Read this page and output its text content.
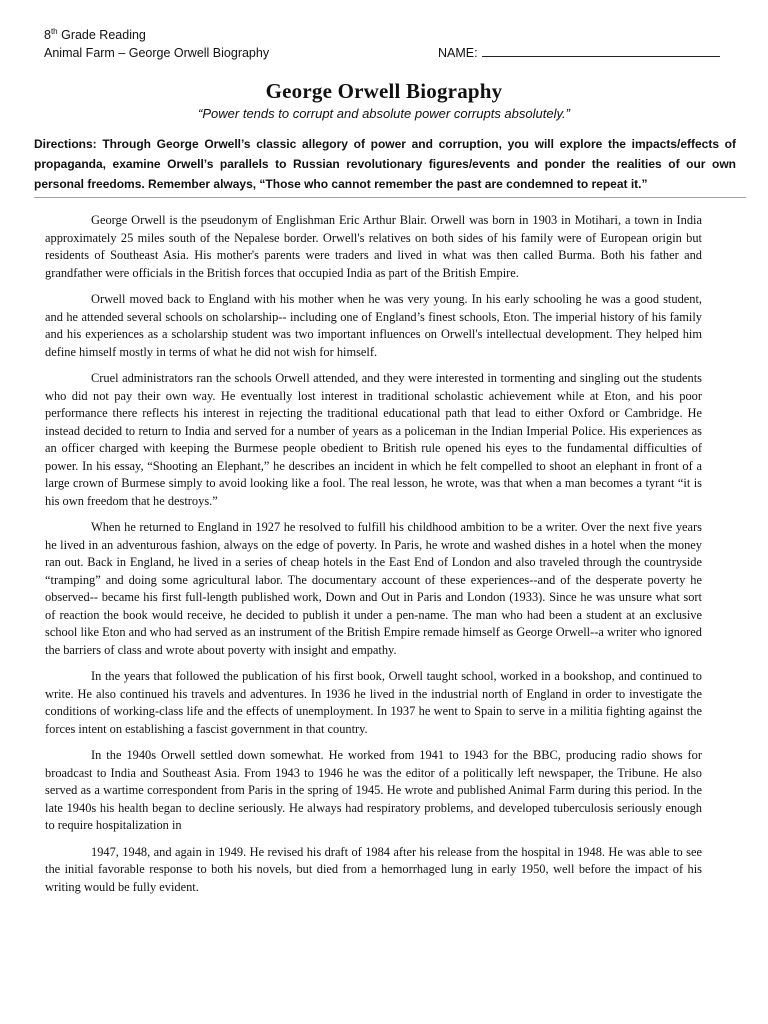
8th Grade Reading
Animal Farm – George Orwell Biography	NAME:
George Orwell Biography
“Power tends to corrupt and absolute power corrupts absolutely.”
Directions: Through George Orwell’s classic allegory of power and corruption, you will explore the impacts/effects of propaganda, examine Orwell’s parallels to Russian revolutionary figures/events and ponder the realities of our own personal freedoms. Remember always, “Those who cannot remember the past are condemned to repeat it.”

George Orwell is the pseudonym of Englishman Eric Arthur Blair. Orwell was born in 1903 in Motihari, a town in India approximately 25 miles south of the Nepalese border. Orwell's relatives on both sides of his family were of European origin but residents of Southeast Asia. His mother's parents were traders and lived in what was then called Burma. Both his father and grandfather were officials in the British forces that occupied India as part of the British Empire.

Orwell moved back to England with his mother when he was very young. In his early schooling he was a good student, and he attended several schools on scholarship-- including one of England’s finest schools, Eton. The imperial history of his family and his experiences as a scholarship student was two important influences on Orwell's intellectual development. They helped him define himself mostly in terms of what he did not wish for himself.

Cruel administrators ran the schools Orwell attended, and they were interested in tormenting and singling out the students who did not pay their own way. He eventually lost interest in traditional scholastic achievement while at Eton, and his poor performance there reflects his interest in rejecting the traditional educational path that lead to either Oxford or Cambridge. He instead decided to return to India and served for a number of years as a policeman in the Indian Imperial Police. His experiences as an officer charged with keeping the Burmese people obedient to British rule opened his eyes to the fundamental difficulties of power. In his essay, “Shooting an Elephant,” he describes an incident in which he felt compelled to shoot an elephant in front of a large crown of Burmese simply to avoid looking like a fool. The real lesson, he wrote, was that when a man becomes a tyrant “it is his own freedom that he destroys.”

When he returned to England in 1927 he resolved to fulfill his childhood ambition to be a writer. Over the next five years he lived in an adventurous fashion, always on the edge of poverty. In Paris, he wrote and washed dishes in a hotel when the money ran out. Back in England, he lived in a series of cheap hotels in the East End of London and also traveled through the countryside “tramping” and doing some agricultural labor. The documentary account of these experiences--and of the desperate poverty he observed-- became his first full-length published work, Down and Out in Paris and London (1933). Since he was unsure what sort of reaction the book would receive, he decided to publish it under a pen-name. The man who had been a student at an exclusive school like Eton and who had served as an instrument of the British Empire remade himself as George Orwell--a writer who ignored the barriers of class and wrote about poverty with insight and empathy.

In the years that followed the publication of his first book, Orwell taught school, worked in a bookshop, and continued to write. He also continued his travels and adventures. In 1936 he lived in the industrial north of England in order to investigate the conditions of working-class life and the effects of unemployment. In 1937 he went to Spain to serve in a militia fighting against the forces intent on establishing a fascist government in that country.

In the 1940s Orwell settled down somewhat. He worked from 1941 to 1943 for the BBC, producing radio shows for broadcast to India and Southeast Asia. From 1943 to 1946 he was the editor of a politically left newspaper, the Tribune. He also served as a wartime correspondent from Paris in the spring of 1945. He wrote and published Animal Farm during this period. In the late 1940s his health began to decline seriously. He always had respiratory problems, and developed tuberculosis seriously enough to require hospitalization in

1947, 1948, and again in 1949. He revised his draft of 1984 after his release from the hospital in 1948. He was able to see the initial favorable response to both his novels, but died from a hemorrhaged lung in early 1950, well before the impact of his writing would be fully evident.
